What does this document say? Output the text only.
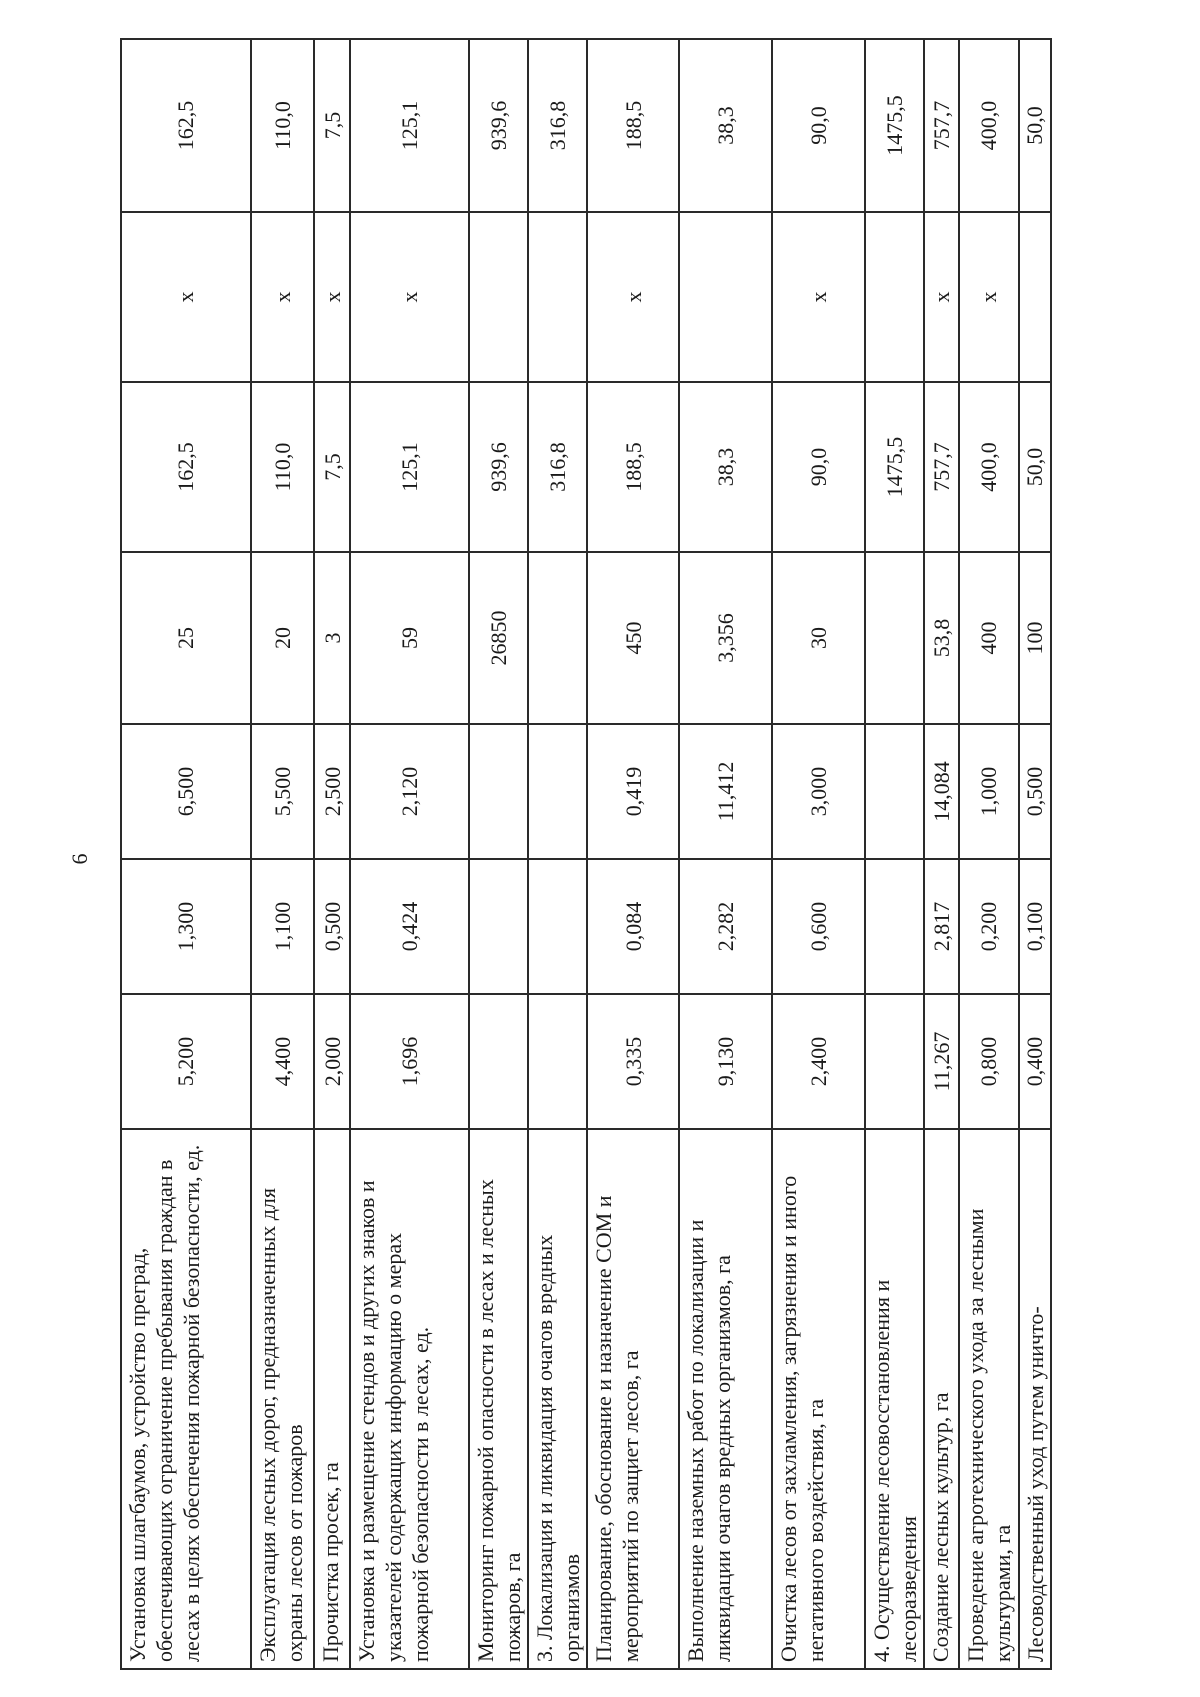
6
Установка шлагбаумов, устройство преград, обеспечивающих ограничение пребывания граждан в лесах в целях обеспечения пожарной безопасности, ед.	5,200	1,300	6,500	25	162,5	x	162,5
Эксплуатация лесных дорог, предназначенных для охраны лесов от пожаров	4,400	1,100	5,500	20	110,0	x	110,0
Прочистка просек, га	2,000	0,500	2,500	3	7,5	x	7,5
Установка и размещение стендов и других знаков и указателей содержащих информацию о мерах пожарной безопасности в лесах, ед.	1,696	0,424	2,120	59	125,1	x	125,1
Мониторинг пожарной опасности в лесах и лесных пожаров, га				26850	939,6		939,6
3. Локализация и ликвидация очагов вредных организмов					316,8		316,8
Планирование, обоснование и назначение СОМ и мероприятий по защиет лесов, га	0,335	0,084	0,419	450	188,5	x	188,5
Выполнение наземных работ по локализации и ликвидации очагов вредных организмов, га	9,130	2,282	11,412	3,356	38,3		38,3
Очистка лесов от захламления, загрязнения и иного негативного воздействия, га	2,400	0,600	3,000	30	90,0	x	90,0
4. Осуществление лесовосстановления и лесоразведения					1475,5		1475,5
Создание лесных культур, га	11,267	2,817	14,084	53,8	757,7	x	757,7
Проведение агротехнического ухода за лесными культурами, га	0,800	0,200	1,000	400	400,0	x	400,0
Лесоводственный уход путем уничто-	0,400	0,100	0,500	100	50,0		50,0
